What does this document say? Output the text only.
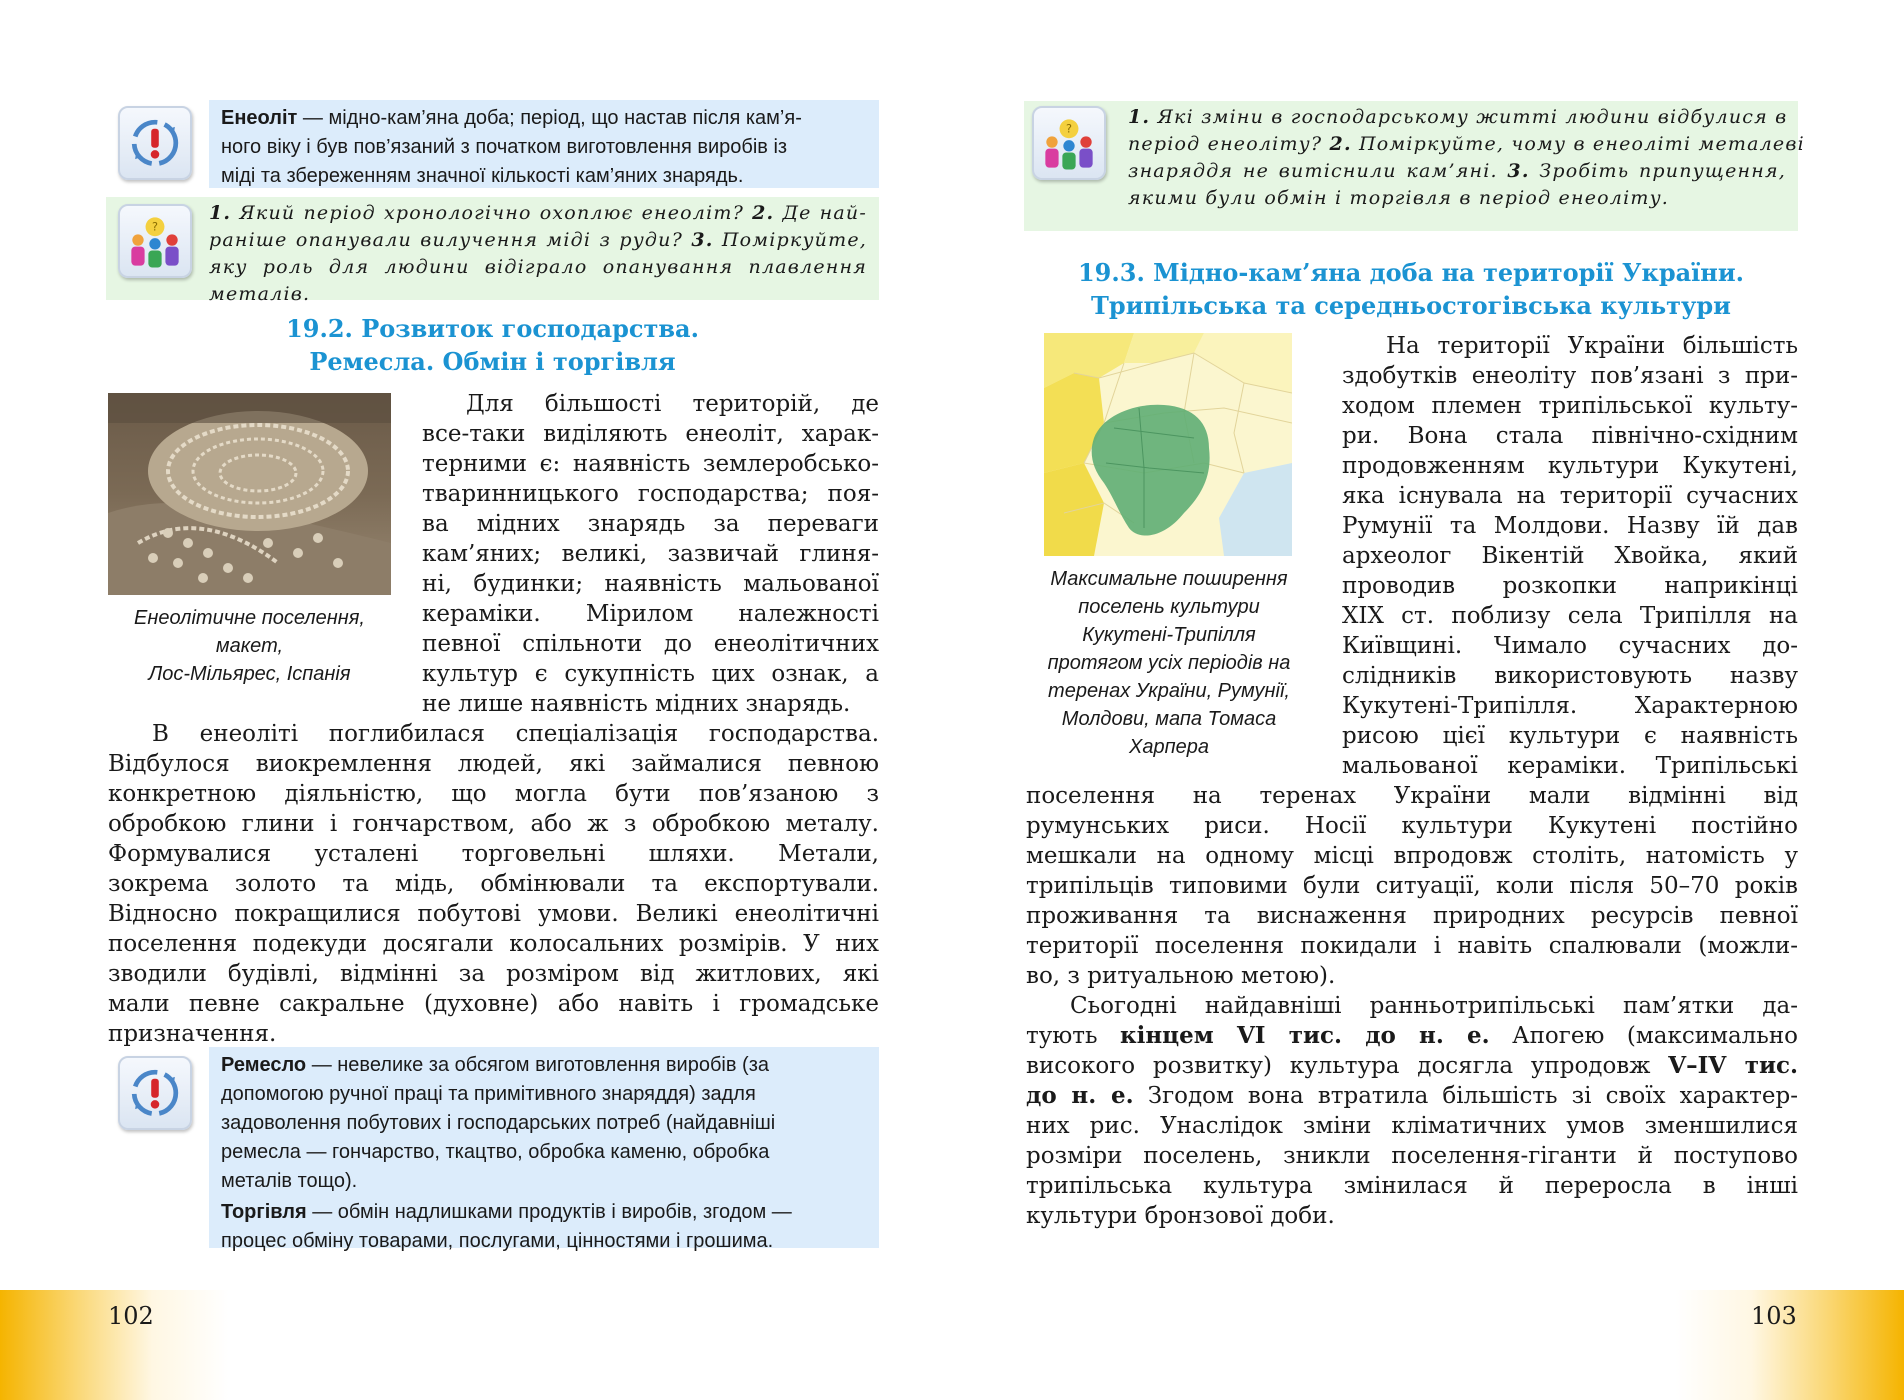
Енеоліт — мідно-кам’яна доба; період, що настав після кам’я-

ного віку і був пов’язаний з початком виготовлення виробів із

міді та збереженням значної кількості кам’яних знарядь.

?
1. Який період хронологічно охоплює енеоліт? 2. Де най-
раніше опанували вилучення міді з руди? 3. Поміркуйте,
яку роль для людини відіграло опанування плавлення
металів.
19.2. Розвиток господарства.
Ремесла. Обмін і торгівля
Енеолітичне поселення,
макет,
Лос-Мільярес, Іспанія
Для більшості територій, де
все-таки виділяють енеоліт, харак-
терними є: наявність землеробсько-
тваринницького господарства; поя-
ва мідних знарядь за переваги
кам’яних; великі, зазвичай глиня-
ні, будинки; наявність мальованої
кераміки. Мірилом належності
певної спільноти до енеолітичних
культур є сукупність цих ознак, а
не лише наявність мідних знарядь.
В енеоліті поглибилася спеціалізація господарства.
Відбулося виокремлення людей, які займалися певною
конкретною діяльністю, що могла бути пов’язаною з
обробкою глини і гончарством, або ж з обробкою металу.
Формувалися усталені торговельні шляхи. Метали,
зокрема золото та мідь, обмінювали та експортували.
Відносно покращилися побутові умови. Великі енеолітичні
поселення подекуди досягали колосальних розмірів. У них
зводили будівлі, відмінні за розміром від житлових, які
мали певне сакральне (духовне) або навіть і громадське
призначення.

Ремесло — невелике за обсягом виготовлення виробів (за

допомогою ручної праці та примітивного знаряддя) задля

задоволення побутових і господарських потреб (найдавніші

ремесла — гончарство, ткацтво, обробка каменю, обробка

металів тощо).

Торгівля — обмін надлишками продуктів і виробів, згодом —

процес обміну товарами, послугами, цінностями і грошима.

102
?
1. Які зміни в господарському житті людини відбулися в
період енеоліту? 2. Поміркуйте, чому в енеоліті металеві
знаряддя не витіснили кам’яні. 3. Зробіть припущення,
якими були обмін і торгівля в період енеоліту.
19.3. Мідно-кам’яна доба на території України.
Трипільська та середньостогівська культури
Максимальне поширення
поселень культури
Кукутені-Трипілля
протягом усіх періодів на
теренах України, Румунії,
Молдови, мапа Томаса
Харпера
На території України більшість
здобутків енеоліту пов’язані з при-
ходом племен трипільської культу-
ри. Вона стала північно-східним
продовженням культури Кукутені,
яка існувала на території сучасних
Румунії та Молдови. Назву їй дав
археолог Вікентій Хвойка, який
проводив розкопки наприкінці
XIX ст. поблизу села Трипілля на
Київщині. Чимало сучасних до-
слідників використовують назву
Кукутені-Трипілля. Характерною
рисою цієї культури є наявність
мальованої кераміки. Трипільські
поселення на теренах України мали відмінні від
румунських риси. Носії культури Кукутені постійно
мешкали на одному місці впродовж століть, натомість у
трипільців типовими були ситуації, коли після 50–70 років
проживання та виснаження природних ресурсів певної
території поселення покидали і навіть спалювали (можли-
во, з ритуальною метою).
Сьогодні найдавніші ранньотрипільські пам’ятки да-
тують кінцем VI тис. до н. е. Апогею (максимально
високого розвитку) культура досягла упродовж V–IV тис.
до н. е. Згодом вона втратила більшість зі своїх характер-
них рис. Унаслідок зміни кліматичних умов зменшилися
розміри поселень, зникли поселення-гіганти й поступово
трипільська культура змінилася й переросла в інші
культури бронзової доби.
103
